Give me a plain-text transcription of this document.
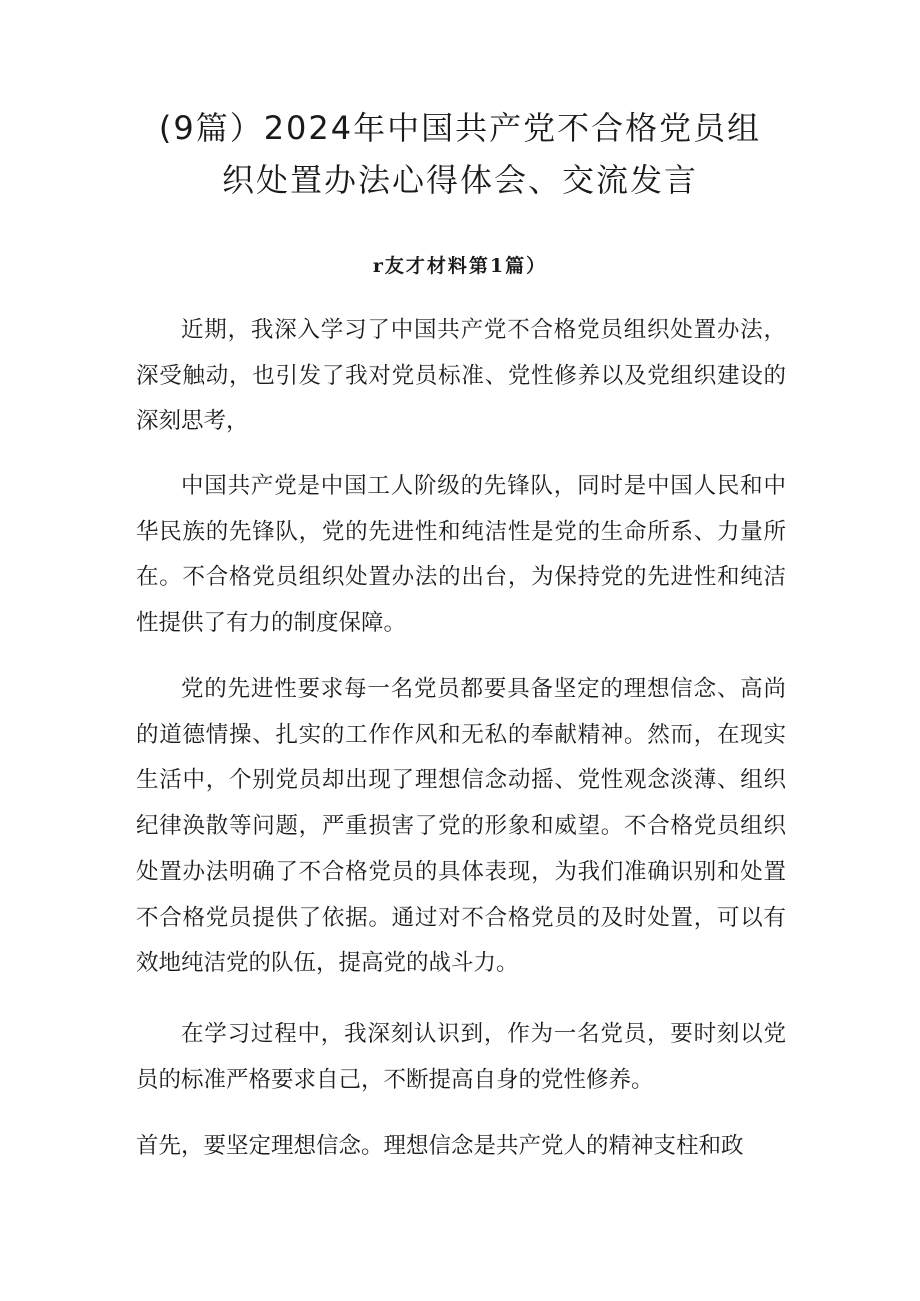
(9篇）2024年中国共产党不合格党员组
织处置办法心得体会、交流发言
r友才材料第1篇）

近期，我深入学习了中国共产党不合格党员组织处置办法，深受触动，也引发了我对党员标准、党性修养以及党组织建设的深刻思考，

中国共产党是中国工人阶级的先锋队，同时是中国人民和中华民族的先锋队，党的先进性和纯洁性是党的生命所系、力量所在。不合格党员组织处置办法的出台，为保持党的先进性和纯洁性提供了有力的制度保障。

党的先进性要求每一名党员都要具备坚定的理想信念、高尚的道德情操、扎实的工作作风和无私的奉献精神。然而，在现实生活中，个别党员却出现了理想信念动摇、党性观念淡薄、组织纪律涣散等问题，严重损害了党的形象和威望。不合格党员组织处置办法明确了不合格党员的具体表现，为我们准确识别和处置不合格党员提供了依据。通过对不合格党员的及时处置，可以有效地纯洁党的队伍，提高党的战斗力。

在学习过程中，我深刻认识到，作为一名党员，要时刻以党员的标准严格要求自己，不断提高自身的党性修养。

首先，要坚定理想信念。理想信念是共产党人的精神支柱和政
